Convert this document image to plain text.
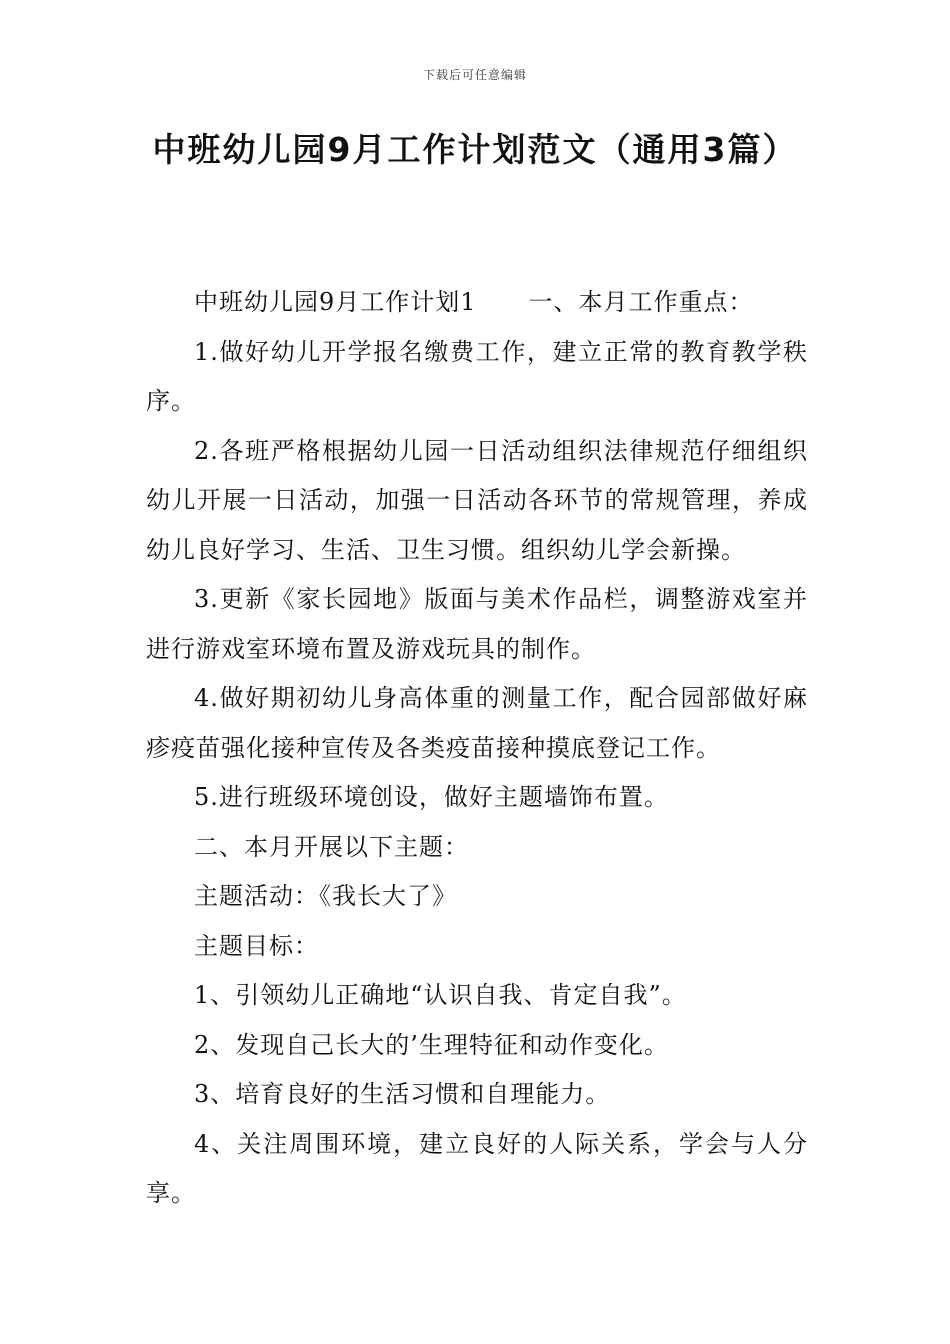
下载后可任意编辑
中班幼儿园9月工作计划范文（通用3篇）

中班幼儿园9月工作计划1 一、本月工作重点：

1.做好幼儿开学报名缴费工作，建立正常的教育教学秩序。

2.各班严格根据幼儿园一日活动组织法律规范仔细组织幼儿开展一日活动，加强一日活动各环节的常规管理，养成幼儿良好学习、生活、卫生习惯。组织幼儿学会新操。

3.更新《家长园地》版面与美术作品栏，调整游戏室并进行游戏室环境布置及游戏玩具的制作。

4.做好期初幼儿身高体重的测量工作，配合园部做好麻疹疫苗强化接种宣传及各类疫苗接种摸底登记工作。

5.进行班级环境创设，做好主题墙饰布置。

二、本月开展以下主题：

主题活动：《我长大了》

主题目标：

1、引领幼儿正确地“认识自我、肯定自我”。

2、发现自己长大的’生理特征和动作变化。

3、培育良好的生活习惯和自理能力。

4、关注周围环境，建立良好的人际关系，学会与人分享。
